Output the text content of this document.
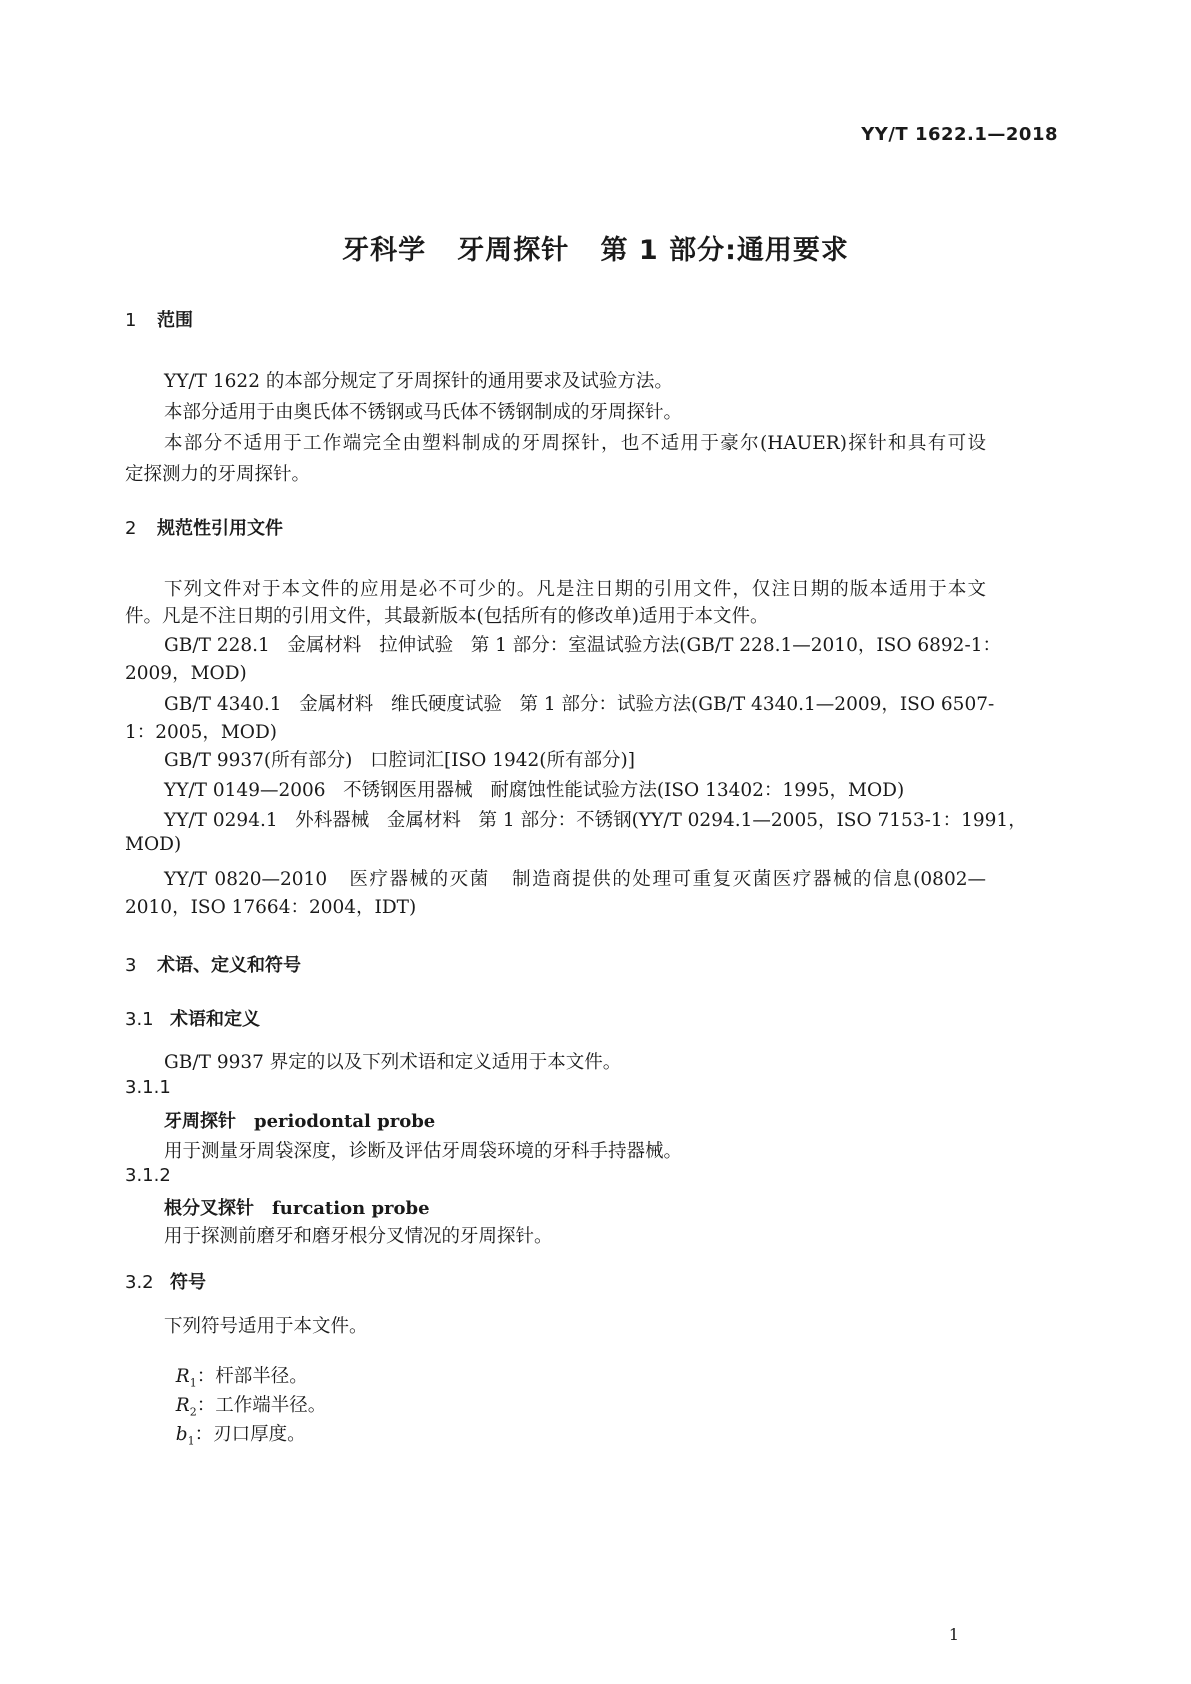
YY/T 1622.1—2018
牙科学   牙周探针   第 1 部分:通用要求
1 范围
YY/T 1622 的本部分规定了牙周探针的通用要求及试验方法。
本部分适用于由奥氏体不锈钢或马氏体不锈钢制成的牙周探针。
本部分不适用于工作端完全由塑料制成的牙周探针，也不适用于豪尔(HAUER)探针和具有可设
定探测力的牙周探针。
2 规范性引用文件
下列文件对于本文件的应用是必不可少的。凡是注日期的引用文件，仅注日期的版本适用于本文
件。凡是不注日期的引用文件，其最新版本(包括所有的修改单)适用于本文件。
GB/T 228.1   金属材料   拉伸试验   第 1 部分：室温试验方法(GB/T 228.1—2010，ISO 6892-1：
2009，MOD)
GB/T 4340.1   金属材料   维氏硬度试验   第 1 部分：试验方法(GB/T 4340.1—2009，ISO 6507-
1：2005，MOD)
GB/T 9937(所有部分)   口腔词汇[ISO 1942(所有部分)]
YY/T 0149—2006   不锈钢医用器械   耐腐蚀性能试验方法(ISO 13402：1995，MOD)
YY/T 0294.1   外科器械   金属材料   第 1 部分：不锈钢(YY/T 0294.1—2005，ISO 7153-1：1991，
MOD)
YY/T 0820—2010   医疗器械的灭菌   制造商提供的处理可重复灭菌医疗器械的信息(0802—
2010，ISO 17664：2004，IDT)
3 术语、定义和符号
3.1 术语和定义
GB/T 9937 界定的以及下列术语和定义适用于本文件。
3.1.1
牙周探针 periodontal probe
用于测量牙周袋深度，诊断及评估牙周袋环境的牙科手持器械。
3.1.2
根分叉探针 furcation probe
用于探测前磨牙和磨牙根分叉情况的牙周探针。
3.2 符号
下列符号适用于本文件。

$R_1$：杆部半径。

$R_2$：工作端半径。

$b_1$：刃口厚度。

1
